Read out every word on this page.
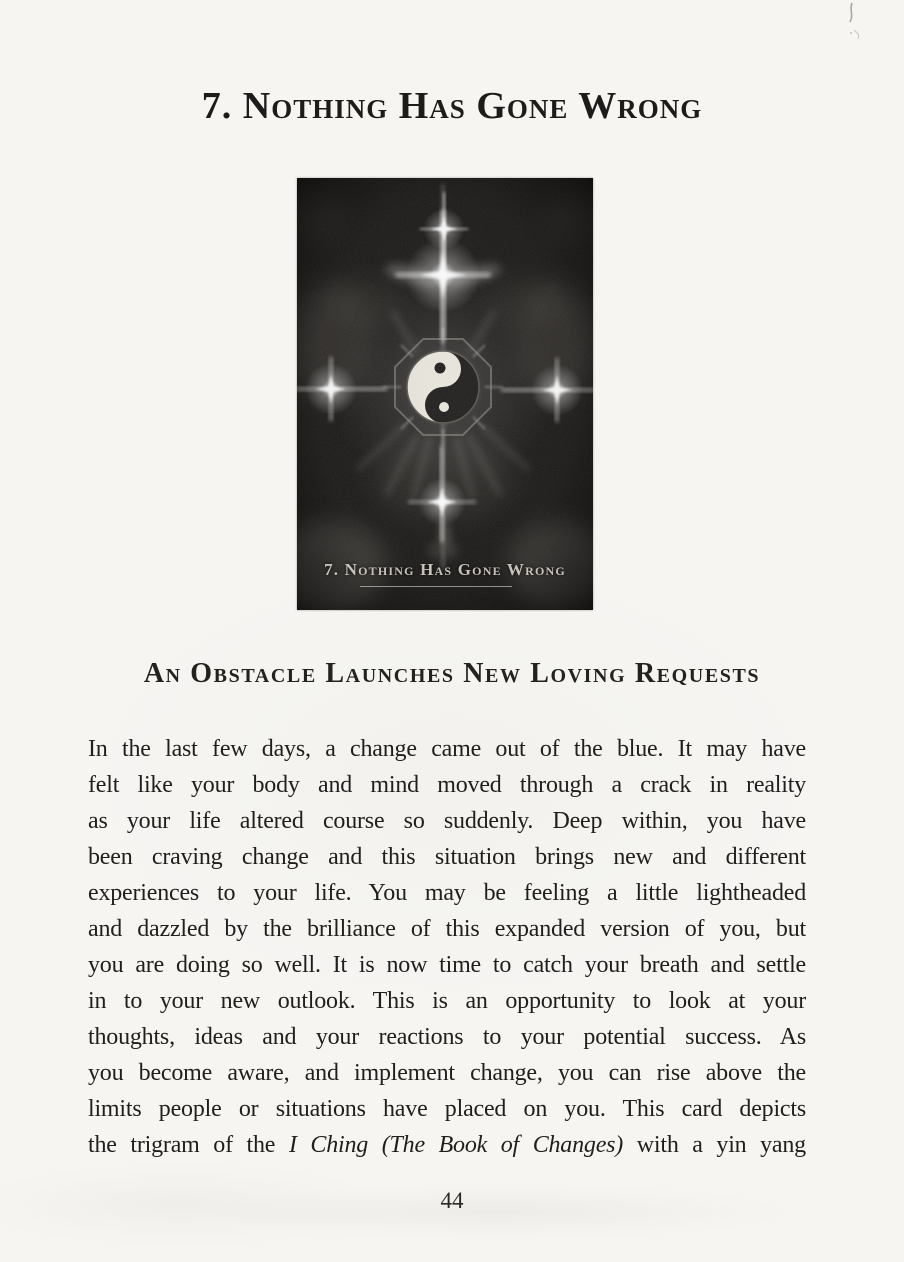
7. Nothing Has Gone Wrong
7. Nothing Has Gone Wrong
An Obstacle Launches New Loving Requests
In the last few days, a change came out of the blue. It may have
felt like your body and mind moved through a crack in reality
as your life altered course so suddenly. Deep within, you have
been craving change and this situation brings new and different
experiences to your life. You may be feeling a little lightheaded
and dazzled by the brilliance of this expanded version of you, but
you are doing so well. It is now time to catch your breath and settle
in to your new outlook. This is an opportunity to look at your
thoughts, ideas and your reactions to your potential success. As
you become aware, and implement change, you can rise above the
limits people or situations have placed on you. This card depicts
the trigram of the I Ching (The Book of Changes) with a yin yang
44
